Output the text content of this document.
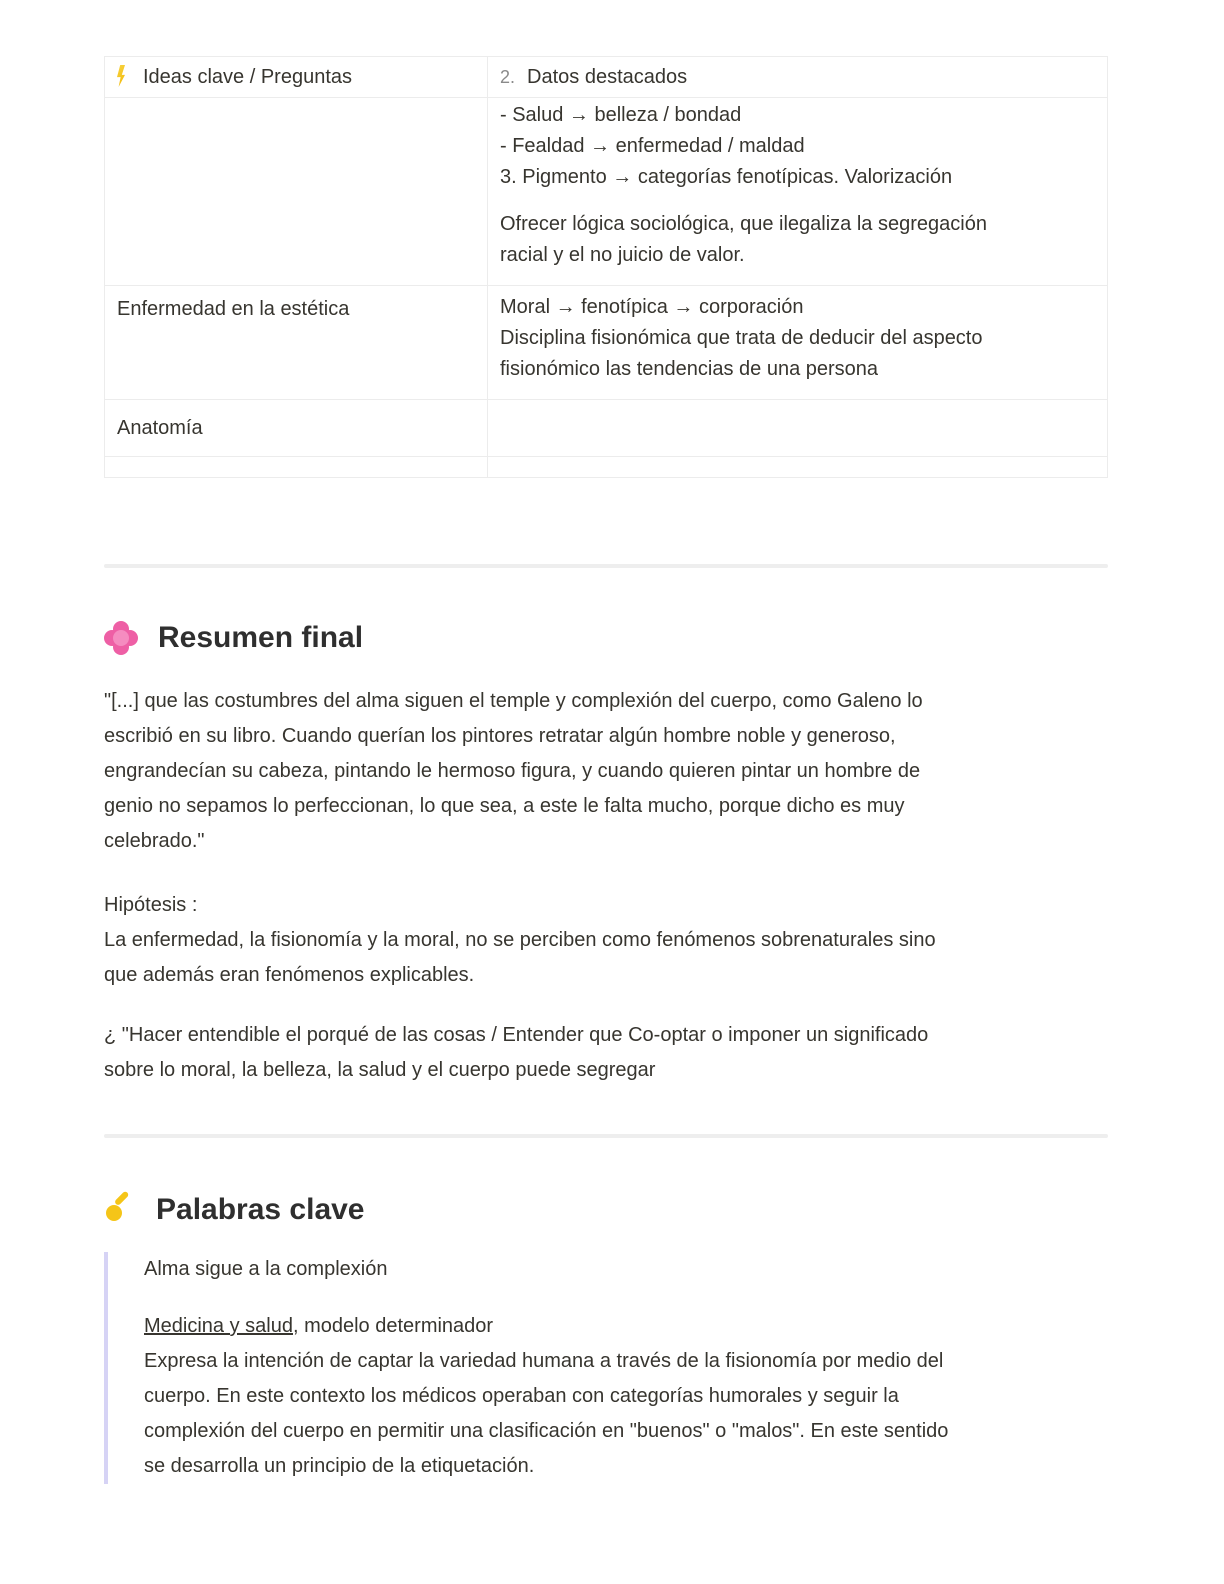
Ideas clave / Preguntas	2. Datos destacados

	- Salud → belleza / bondad
- Fealdad → enfermedad / maldad
3. Pigmento → categorías fenotípicas. Valorización
Ofrecer lógica sociológica, que ilegaliza la segregación
racial y el no juicio de valor.

Enfermedad en la estética	Moral → fenotípica → corporación
Disciplina fisionómica que trata de deducir del aspecto
fisionómico las tendencias de una persona

Anatomía	

Resumen final

"[...] que las costumbres del alma siguen el temple y complexión del cuerpo, como Galeno lo

escribió en su libro. Cuando querían los pintores retratar algún hombre noble y generoso,

engrandecían su cabeza, pintando le hermoso figura, y cuando quieren pintar un hombre de

genio no sepamos lo perfeccionan, lo que sea, a este le falta mucho, porque dicho es muy

celebrado."

Hipótesis :

La enfermedad, la fisionomía y la moral, no se perciben como fenómenos sobrenaturales sino

que además eran fenómenos explicables.

¿ "Hacer entendible el porqué de las cosas / Entender que Co-optar o imponer un significado

sobre lo moral, la belleza, la salud y el cuerpo puede segregar

Palabras clave

Alma sigue a la complexión

Medicina y salud, modelo determinador

Expresa la intención de captar la variedad humana a través de la fisionomía por medio del

cuerpo. En este contexto los médicos operaban con categorías humorales y seguir la

complexión del cuerpo en permitir una clasificación en "buenos" o "malos". En este sentido

se desarrolla un principio de la etiquetación.
